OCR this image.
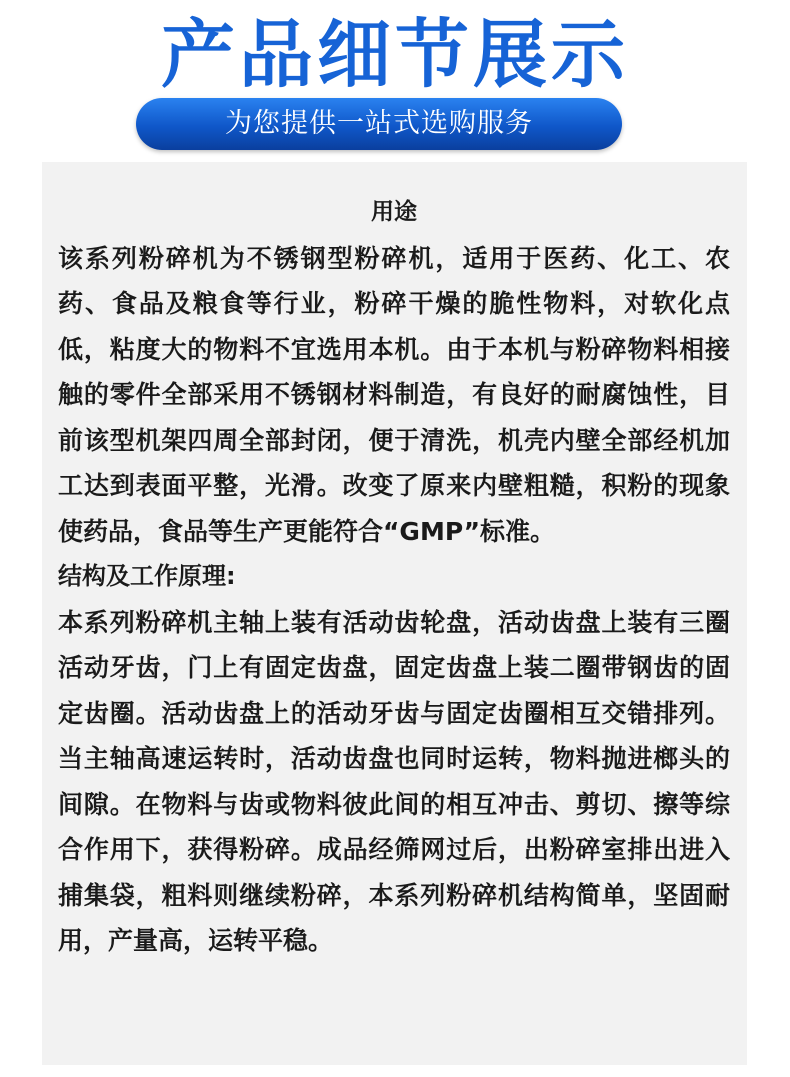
产品细节展示
为您提供一站式选购服务

用途

该系列粉碎机为不锈钢型粉碎机，适用于医药、化工、农药、食品及粮食等行业，粉碎干燥的脆性物料，对软化点低，粘度大的物料不宜选用本机。由于本机与粉碎物料相接触的零件全部采用不锈钢材料制造，有良好的耐腐蚀性，目前该型机架四周全部封闭，便于清洗，机壳内壁全部经机加工达到表面平整，光滑。改变了原来内壁粗糙，积粉的现象使药品，食品等生产更能符合“GMP”标准。

结构及工作原理:

本系列粉碎机主轴上装有活动齿轮盘，活动齿盘上装有三圈活动牙齿，门上有固定齿盘，固定齿盘上装二圈带钢齿的固定齿圈。活动齿盘上的活动牙齿与固定齿圈相互交错排列。当主轴高速运转时，活动齿盘也同时运转，物料抛进榔头的间隙。在物料与齿或物料彼此间的相互冲击、剪切、擦等综合作用下，获得粉碎。成品经筛网过后，出粉碎室排出进入捕集袋，粗料则继续粉碎，本系列粉碎机结构简单，坚固耐用，产量高，运转平稳。
